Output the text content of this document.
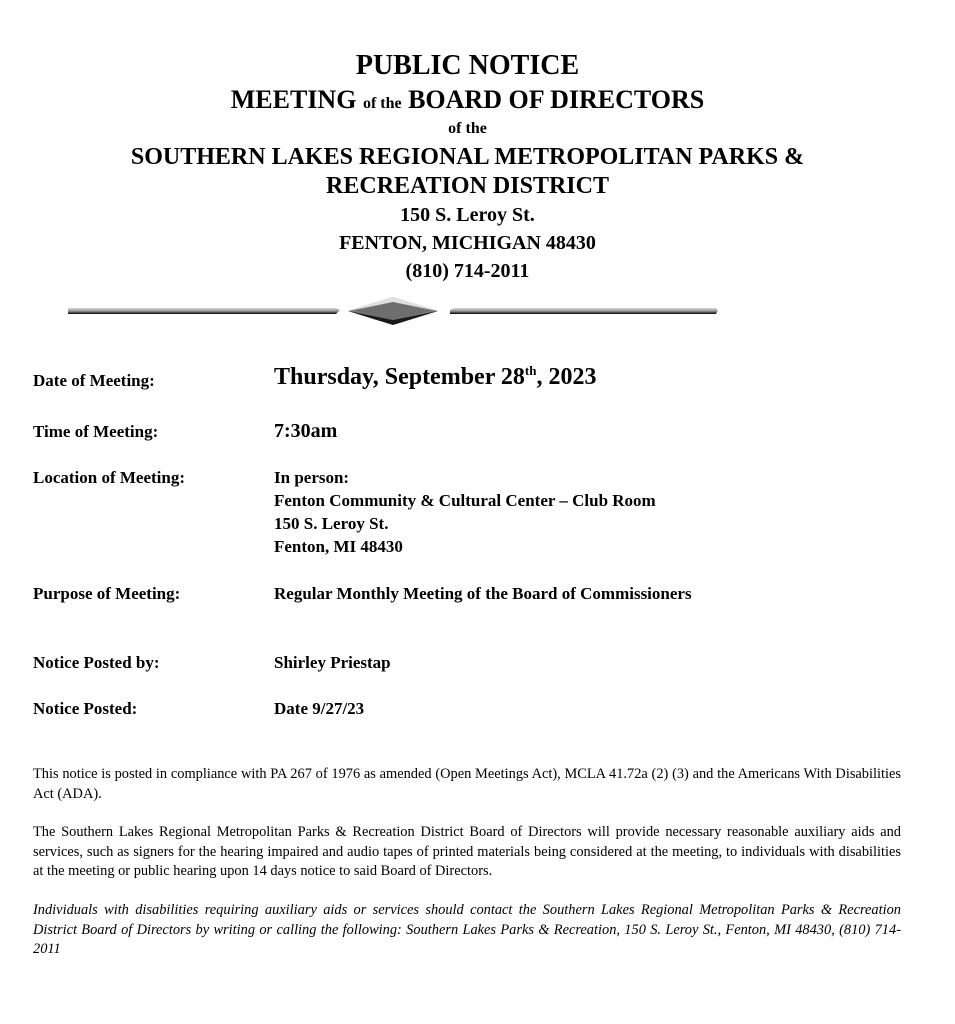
PUBLIC NOTICE
MEETING of the BOARD OF DIRECTORS
of the
SOUTHERN LAKES REGIONAL METROPOLITAN PARKS &
RECREATION DISTRICT
150 S. Leroy St.
FENTON, MICHIGAN 48430
(810) 714-2011
Date of Meeting:	Thursday, September 28th, 2023
Time of Meeting:	7:30am
Location of Meeting:	In person:
Fenton Community & Cultural Center – Club Room
150 S. Leroy St.
Fenton, MI 48430
Purpose of Meeting:	Regular Monthly Meeting of the Board of Commissioners
Notice Posted by:	Shirley Priestap
Notice Posted:	Date 9/27/23
This notice is posted in compliance with PA 267 of 1976 as amended (Open Meetings Act), MCLA 41.72a (2) (3) and the Americans With Disabilities Act (ADA).
The Southern Lakes Regional Metropolitan Parks & Recreation District Board of Directors will provide necessary reasonable auxiliary aids and services, such as signers for the hearing impaired and audio tapes of printed materials being considered at the meeting, to individuals with disabilities at the meeting or public hearing upon 14 days notice to said Board of Directors.
Individuals with disabilities requiring auxiliary aids or services should contact the Southern Lakes Regional Metropolitan Parks & Recreation District Board of Directors by writing or calling the following: Southern Lakes Parks & Recreation, 150 S. Leroy St., Fenton, MI 48430, (810) 714-2011
